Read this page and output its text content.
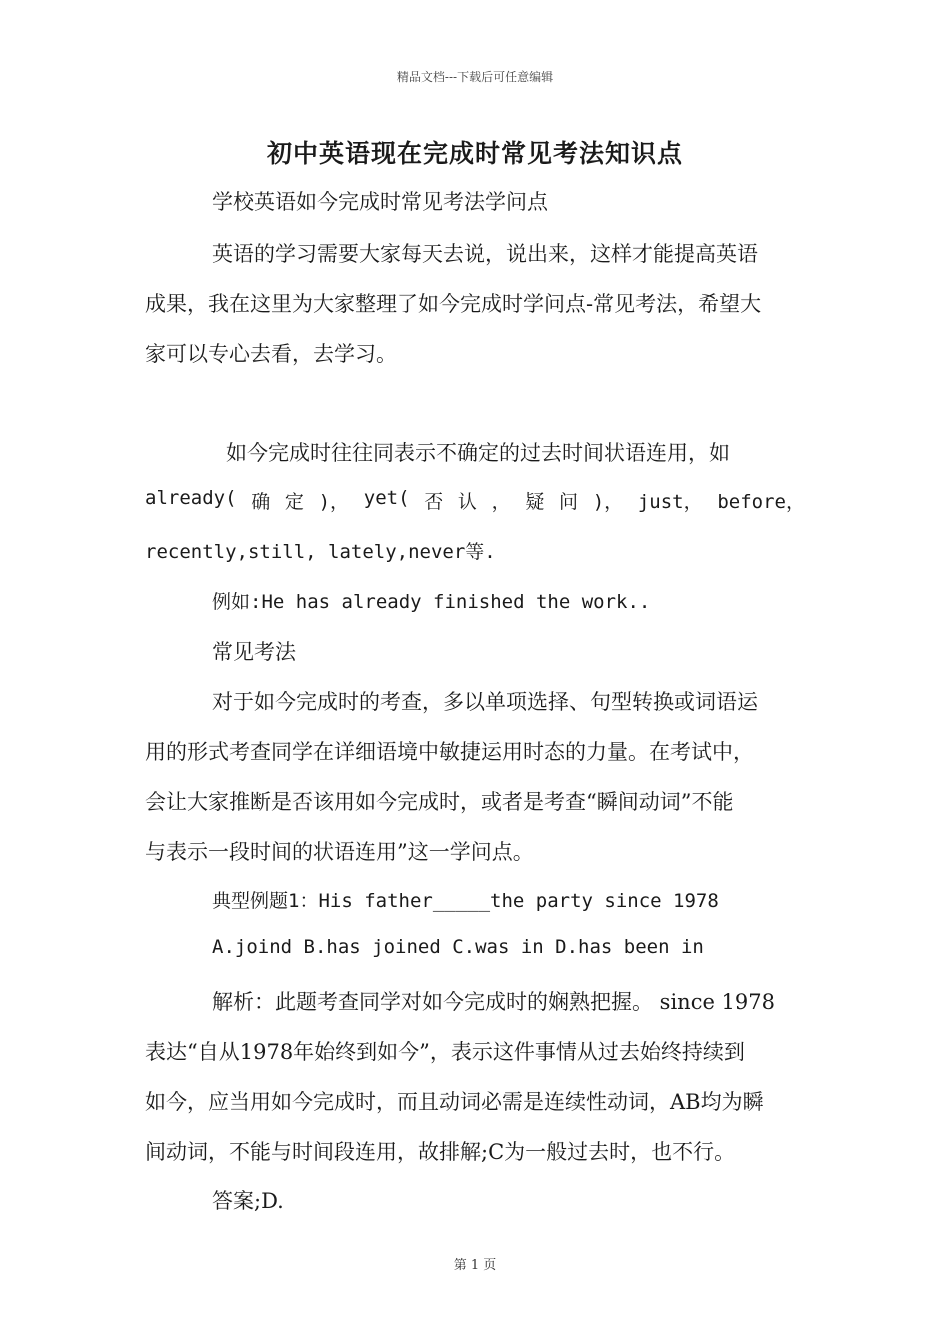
精品文档---下载后可任意编辑
初中英语现在完成时常见考法知识点
学校英语如今完成时常见考法学问点
英语的学习需要大家每天去说，说出来，这样才能提高英语
成果，我在这里为大家整理了如今完成时学问点-常见考法，希望大
家可以专心去看，去学习。
如今完成时往往同表示不确定的过去时间状语连用，如
already( 确 定 )， yet( 否 认 ， 疑 问 )， just， before，
recently,still, lately,never等.
例如:He has already finished the work..
常见考法
对于如今完成时的考查，多以单项选择、句型转换或词语运
用的形式考查同学在详细语境中敏捷运用时态的力量。在考试中，
会让大家推断是否该用如今完成时，或者是考查“瞬间动词”不能
与表示一段时间的状语连用”这一学问点。
典型例题1：His father_____the party since 1978
A.joind B.has joined C.was in D.has been in
解析：此题考查同学对如今完成时的娴熟把握。 since 1978
表达“自从1978年始终到如今”，表示这件事情从过去始终持续到
如今，应当用如今完成时，而且动词必需是连续性动词，AB均为瞬
间动词，不能与时间段连用，故排解;C为一般过去时，也不行。
答案;D.
第 1 页
